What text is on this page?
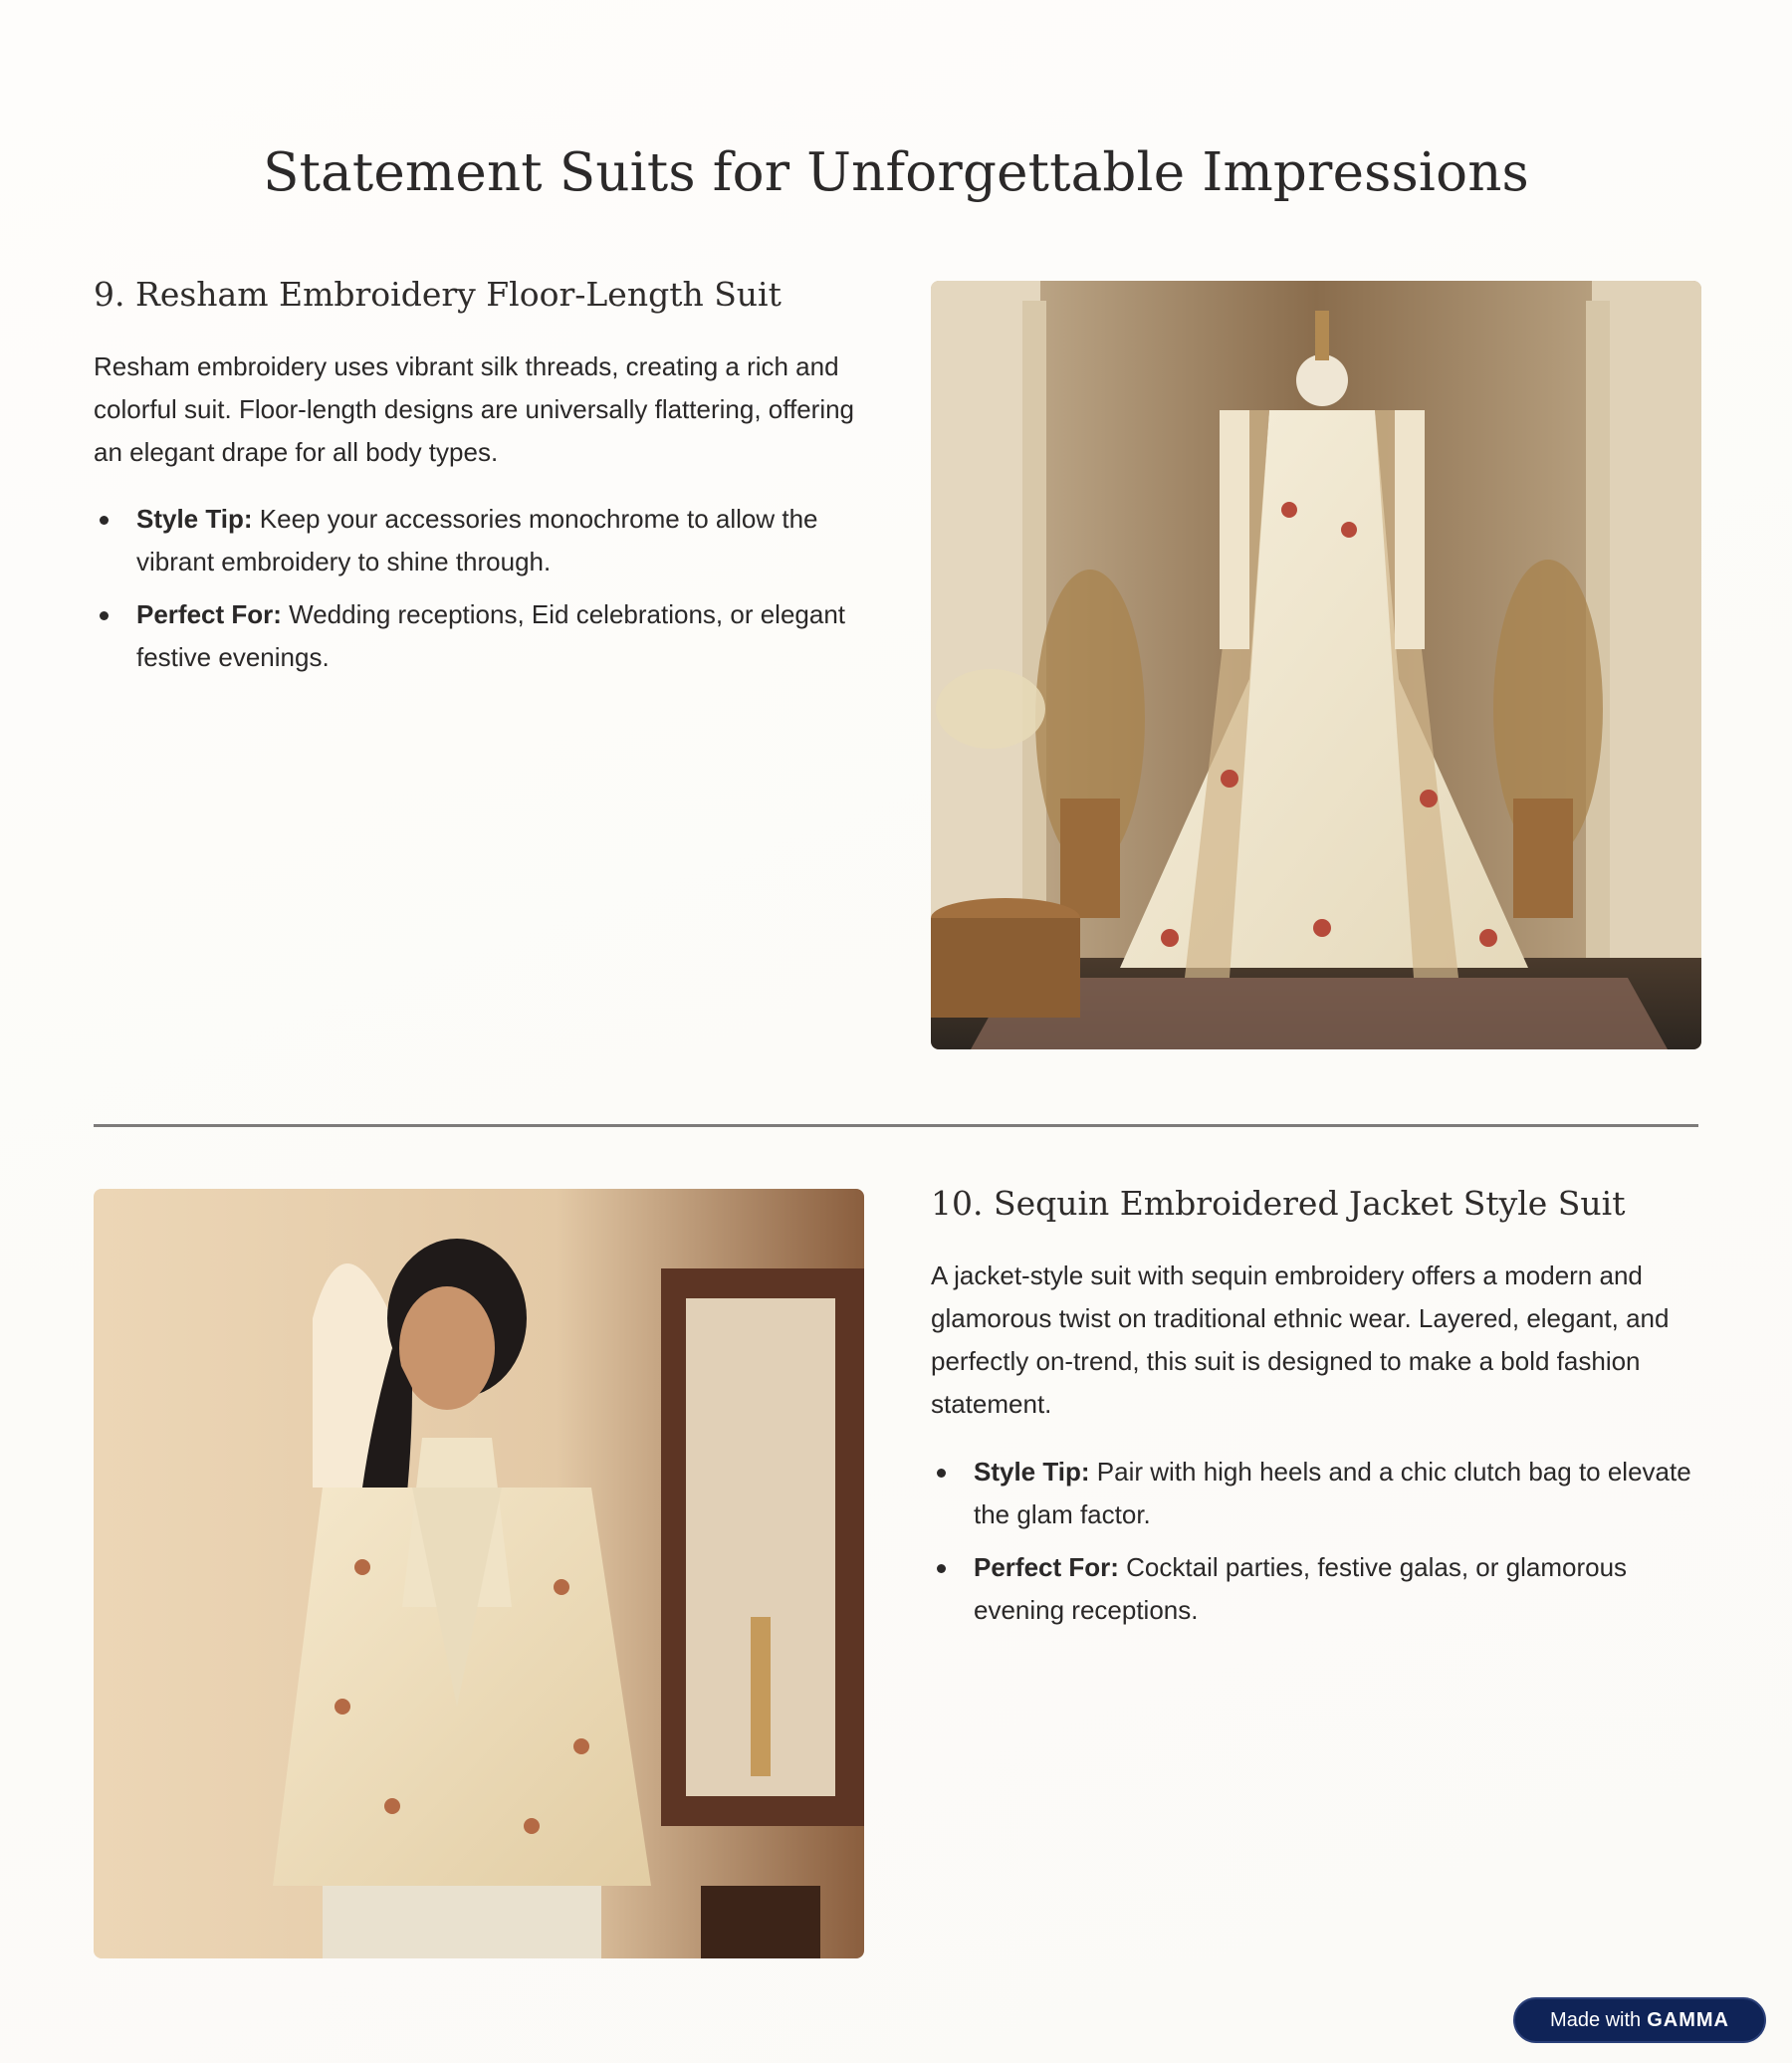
Statement Suits for Unforgettable Impressions
9. Resham Embroidery Floor-Length Suit

Resham embroidery uses vibrant silk threads, creating a rich and colorful suit. Floor-length designs are universally flattering, offering an elegant drape for all body types.

Style Tip: Keep your accessories monochrome to allow the vibrant embroidery to shine through.
Perfect For: Wedding receptions, Eid celebrations, or elegant festive evenings.
10. Sequin Embroidered Jacket Style Suit

A jacket-style suit with sequin embroidery offers a modern and glamorous twist on traditional ethnic wear. Layered, elegant, and perfectly on-trend, this suit is designed to make a bold fashion statement.

Style Tip: Pair with high heels and a chic clutch bag to elevate the glam factor.
Perfect For: Cocktail parties, festive galas, or glamorous evening receptions.
Made with GAMMA
